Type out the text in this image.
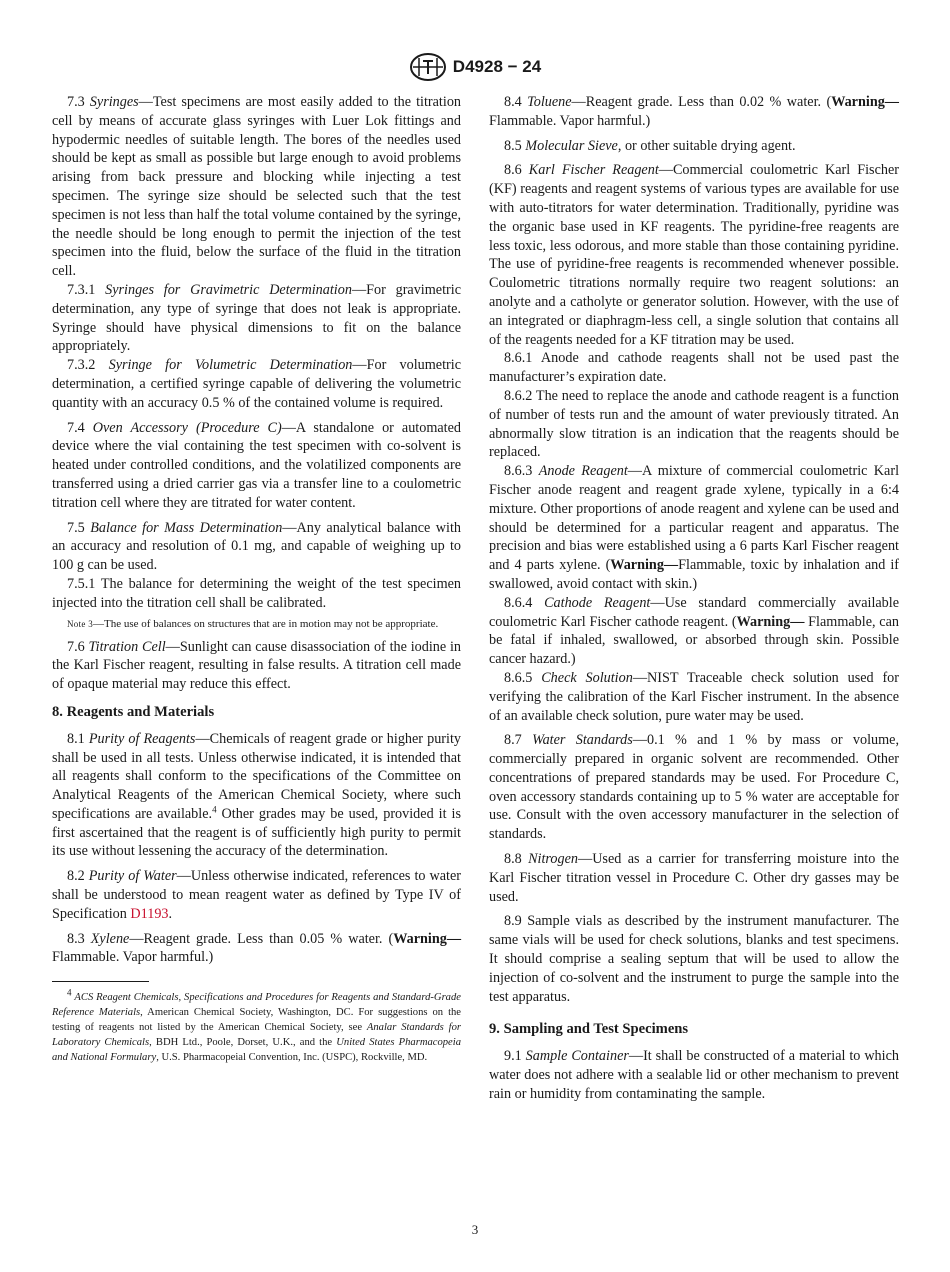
D4928 − 24

7.3 Syringes—Test specimens are most easily added to the titration cell by means of accurate glass syringes with Luer Lok fittings and hypodermic needles of suitable length. The bores of the needles used should be kept as small as possible but large enough to avoid problems arising from back pressure and blocking while injecting a test specimen. The syringe size should be selected such that the test specimen is not less than half the total volume contained by the syringe, the needle should be long enough to permit the injection of the test specimen into the fluid, below the surface of the fluid in the titration cell.

7.3.1 Syringes for Gravimetric Determination—For gravimetric determination, any type of syringe that does not leak is appropriate. Syringe should have physical dimensions to fit on the balance appropriately.

7.3.2 Syringe for Volumetric Determination—For volumetric determination, a certified syringe capable of delivering the volumetric quantity with an accuracy 0.5 % of the contained volume is required.

7.4 Oven Accessory (Procedure C)—A standalone or automated device where the vial containing the test specimen with co-solvent is heated under controlled conditions, and the volatilized components are transferred using a dried carrier gas via a transfer line to a coulometric titration cell where they are titrated for water content.

7.5 Balance for Mass Determination—Any analytical balance with an accuracy and resolution of 0.1 mg, and capable of weighing up to 100 g can be used.

7.5.1 The balance for determining the weight of the test specimen injected into the titration cell shall be calibrated.

Note 3—The use of balances on structures that are in motion may not be appropriate.

7.6 Titration Cell—Sunlight can cause disassociation of the iodine in the Karl Fischer reagent, resulting in false results. A titration cell made of opaque material may reduce this effect.

8. Reagents and Materials

8.1 Purity of Reagents—Chemicals of reagent grade or higher purity shall be used in all tests. Unless otherwise indicated, it is intended that all reagents shall conform to the specifications of the Committee on Analytical Reagents of the American Chemical Society, where such specifications are available.$^4$ Other grades may be used, provided it is first ascertained that the reagent is of sufficiently high purity to permit its use without lessening the accuracy of the determination.

8.2 Purity of Water—Unless otherwise indicated, references to water shall be understood to mean reagent water as defined by Type IV of Specification D1193.

8.3 Xylene—Reagent grade. Less than 0.05 % water. (Warning—Flammable. Vapor harmful.)

$^4$ ACS Reagent Chemicals, Specifications and Procedures for Reagents and Standard-Grade Reference Materials, American Chemical Society, Washington, DC. For suggestions on the testing of reagents not listed by the American Chemical Society, see Analar Standards for Laboratory Chemicals, BDH Ltd., Poole, Dorset, U.K., and the United States Pharmacopeia and National Formulary, U.S. Pharmacopeial Convention, Inc. (USPC), Rockville, MD.

8.4 Toluene—Reagent grade. Less than 0.02 % water. (Warning—Flammable. Vapor harmful.)

8.5 Molecular Sieve, or other suitable drying agent.

8.6 Karl Fischer Reagent—Commercial coulometric Karl Fischer (KF) reagents and reagent systems of various types are available for use with auto-titrators for water determination. Traditionally, pyridine was the organic base used in KF reagents. The pyridine-free reagents are less toxic, less odorous, and more stable than those containing pyridine. The use of pyridine-free reagents is recommended whenever possible. Coulometric titrations normally require two reagent solutions: an anolyte and a catholyte or generator solution. However, with the use of an integrated or diaphragm-less cell, a single solution that contains all of the reagents needed for a KF titration may be used.

8.6.1 Anode and cathode reagents shall not be used past the manufacturer’s expiration date.

8.6.2 The need to replace the anode and cathode reagent is a function of number of tests run and the amount of water previously titrated. An abnormally slow titration is an indication that the reagents should be replaced.

8.6.3 Anode Reagent—A mixture of commercial coulometric Karl Fischer anode reagent and reagent grade xylene, typically in a 6:4 mixture. Other proportions of anode reagent and xylene can be used and should be determined for a particular reagent and apparatus. The precision and bias were established using a 6 parts Karl Fischer reagent and 4 parts xylene. (Warning—Flammable, toxic by inhalation and if swallowed, avoid contact with skin.)

8.6.4 Cathode Reagent—Use standard commercially available coulometric Karl Fischer cathode reagent. (Warning— Flammable, can be fatal if inhaled, swallowed, or absorbed through skin. Possible cancer hazard.)

8.6.5 Check Solution—NIST Traceable check solution used for verifying the calibration of the Karl Fischer instrument. In the absence of an available check solution, pure water may be used.

8.7 Water Standards—0.1 % and 1 % by mass or volume, commercially prepared in organic solvent are recommended. Other concentrations of prepared standards may be used. For Procedure C, oven accessory standards containing up to 5 % water are acceptable for use. Consult with the oven accessory manufacturer in the selection of standards.

8.8 Nitrogen—Used as a carrier for transferring moisture into the Karl Fischer titration vessel in Procedure C. Other dry gasses may be used.

8.9 Sample vials as described by the instrument manufacturer. The same vials will be used for check solutions, blanks and test specimens. It should comprise a sealing septum that will be used to allow the injection of co-solvent and the instrument to purge the sample into the test apparatus.

9. Sampling and Test Specimens

9.1 Sample Container—It shall be constructed of a material to which water does not adhere with a sealable lid or other mechanism to prevent rain or humidity from contaminating the sample.

3
